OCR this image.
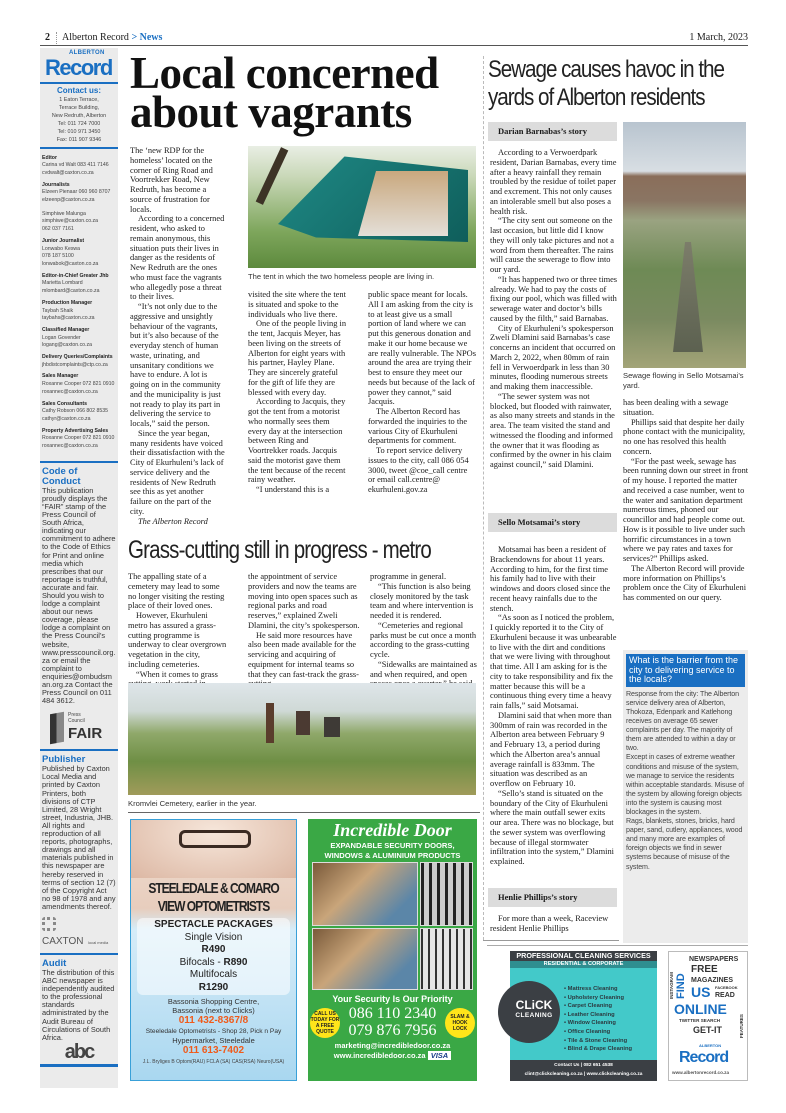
2 Alberton Record > News	1 March, 2023
ALBERTON
Record
Contact us:
1 Eaton Terrace,
Terrace Building,
New Redruth, Alberton
Tel: 011 724 7000
Tel: 010 971 3450
Fax: 011 907 9346
Editor
Carina vd Walt 083 411 7146
cvdwalt@caxton.co.za
Journalists
Elzeen Pienaar 060 960 8707
elzeenp@caxton.co.za
Simphiwe Malunga
simphiwe@caxton.co.za
062 037 7161
Junior Journalist
Lonwabo Keswa
078 187 5100
lonwabok@caxton.co.za
Editor-in-Chief Greater Jhb
Marietta Lombard
mlombard@caxton.co.za
Production Manager
Taybah Shaik
taybahs@caxton.co.za
Classified Manager
Logan Govender
logang@caxton.co.za
Delivery Queries/Complaints
jhbdistcomplaints@ctp.co.za
Sales Manager
Roxanne Cooper 072 821 0910
roxannec@caxton.co.za
Sales Consultants
Cathy Robson 066 802 8535
cathyr@caxton.co.za
Property Advertising Sales
Roxanne Cooper 072 821 0910
roxannec@caxton.co.za
Code of Conduct
This publication proudly displays the “FAIR” stamp of the Press Council of South Africa, indicating our commitment to adhere to the Code of Ethics for Print and online media which prescribes that our reportage is truthful, accurate and fair. Should you wish to lodge a complaint about our news coverage, please lodge a complaint on the Press Council’s website, www.presscouncil.org.za or email the complaint to enquiries@ombudsman.org.za Contact the Press Council on 011 484 3612.
Press Council
FAIR
Publisher
Published by Caxton Local Media and printed by Caxton Printers, both divisions of CTP Limited, 28 Wright street, Industria, JHB. All rights and reproduction of all reports, photographs, drawings and all materials published in this newspaper are hereby reserved in terms of section 12 (7) of the Copyright Act no 98 of 1978 and any amendments thereof.
CAXTON local media
Audit
The distribution of this ABC newspaper is independently audited to the professional standards administrated by the Audit Bureau of Circulations of South Africa.
abc
Local concerned about vagrants

The ‘new RDP for the homeless’ located on the corner of Ring Road and Voortrekker Road, New Redruth, has become a source of frustration for locals.

According to a concerned resident, who asked to remain anonymous, this situation puts their lives in danger as the residents of New Redruth are the ones who must face the vagrants who allegedly pose a threat to their lives.

“It’s not only due to the aggressive and unsightly behaviour of the vagrants, but it’s also because of the everyday stench of human waste, urinating, and unsanitary conditions we have to endure. A lot is going on in the community and the municipality is just not ready to play its part in delivering the service to locals,” said the person.

Since the year began, many residents have voiced their dissatisfaction with the City of Ekurhuleni’s lack of service delivery and the residents of New Redruth see this as yet another failure on the part of the city.

The Alberton Record

The tent in which the two homeless people are living in.

visited the site where the tent is situated and spoke to the individuals who live there.

One of the people living in the tent, Jacquis Meyer, has been living on the streets of Alberton for eight years with his partner, Hayley Plane. They are sincerely grateful for the gift of life they are blessed with every day.

According to Jacquis, they got the tent from a motorist who normally sees them every day at the intersection between Ring and Voortrekker roads. Jacquis said the motorist gave them the tent because of the recent rainy weather.

“I understand this is a

public space meant for locals. All I am asking from the city is to at least give us a small portion of land where we can put this generous donation and make it our home because we are really vulnerable. The NPOs around the area are trying their best to ensure they meet our needs but because of the lack of power they cannot,” said Jacquis.

The Alberton Record has forwarded the inquiries to the various City of Ekurhuleni departments for comment.

To report service delivery issues to the city, call 086 054 3000, tweet @coe_call centre or email call.centre@ ekurhuleni.gov.za

Grass-cutting still in progress - metro

The appalling state of a cemetery may lead to some no longer visiting the resting place of their loved ones.

However, Ekurhuleni metro has assured a grass-cutting programme is underway to clear overgrown vegetation in the city, including cemeteries.

“When it comes to grass

the appointment of service providers and now the teams are moving into open spaces such as regional parks and road reserves,” explained Zweli Dlamini, the city’s spokesperson.

He said more resources have also been made available for the servicing and acquiring of equipment for internal teams so that they can fast-track the grass-

programme in general.

“This function is also being closely monitored by the task team and where intervention is needed it is rendered.

“Cemeteries and regional parks must be cut once a month according to the grass-cutting cycle.

“Sidewalks are maintained as and when required, and open

Kromvlei Cemetery, earlier in the year.
Sewage causes havoc in the yards of Alberton residents
Darian Barnabas’s story

According to a Verwoerdpark resident, Darian Barnabas, every time after a heavy rainfall they remain troubled by the residue of toilet paper and excrement. This not only causes an intolerable smell but also poses a health risk.

“The city sent out someone on the last occasion, but little did I know they will only take pictures and not a word from them thereafter. The rains will cause the sewerage to flow into our yard.

“It has happened two or three times already. We had to pay the costs of fixing our pool, which was filled with sewerage water and doctor’s bills caused by the filth,” said Barnabas.

City of Ekurhuleni’s spokesperson Zweli Dlamini said Barnabas’s case concerns an incident that occurred on March 2, 2022, when 80mm of rain fell in Verwoerdpark in less than 30 minutes, flooding numerous streets and making them inaccessible.

“The sewer system was not blocked, but flooded with rainwater, as also many streets and stands in the area. The team visited the stand and witnessed the flooding and informed the owner that it was flooding as confirmed by the owner in his claim against council,” said Dlamini.

Sello Motsamai’s story

Motsamai has been a resident of Brackendowns for about 11 years. According to him, for the first time his family had to live with their windows and doors closed since the recent heavy rainfalls due to the stench.

“As soon as I noticed the problem, I quickly reported it to the City of Ekurhuleni because it was unbearable to live with the dirt and conditions that we were living with throughout that time. All I am asking for is the city to take responsibility and fix the matter because this will be a continuous thing every time a heavy rain falls,” said Motsamai.

Dlamini said that when more than 300mm of rain was recorded in the Alberton area between February 9 and February 13, a period during which the Alberton area’s annual average rainfall is 833mm. The situation was described as an overflow on February 10.

“Sello’s stand is situated on the boundary of the City of Ekurhuleni where the main outfall sewer exits our area. There was no blockage, but the sewer system was overflowing because of illegal stormwater infiltration into the system,” Dlamini explained.

Henlie Phillips’s story

For more than a week, Raceview resident Henlie Phillips

Sewage flowing in Sello Motsamai’s yard.

has been dealing with a sewage situation.

Phillips said that despite her daily phone contact with the municipality, no one has resolved this health concern.

“For the past week, sewage has been running down our street in front of my house. I reported the matter and received a case number, went to the water and sanitation department numerous times, phoned our councillor and had people come out. How is it possible to live under such horrific circumstances in a town where we pay rates and taxes for services?” Phillips asked.

The Alberton Record will provide more information on Phillips’s problem once the City of Ekurhuleni has commented on our query.

What is the barrier from the city to delivering service to the locals?
Response from the city: The Alberton service delivery area of Alberton, Thokoza, Edenpark and Katlehong receives on average 65 sewer complaints per day. The majority of them are attended to within a day or two.
Except in cases of extreme weather conditions and misuse of the system, we manage to service the residents within acceptable standards. Misuse of the system by allowing foreign objects into the system is causing most blockages in the system.
Rags, blankets, stones, bricks, hard paper, sand, cutlery, appliances, wood and many more are examples of foreign objects we find in sewer systems because of misuse of the system.
STEELEDALE & COMARO
VIEW OPTOMETRISTS
SPECTACLE PACKAGES
Single Vision
R490
Bifocals - R890
Multifocals
R1290
Bassonia Shopping Centre,
Bassonia (next to Clicks)
011 432-8367/8
Steeledale Optometrists - Shop 28, Pick n Pay
Hypermarket, Steeledale
011 613-7402
J.L. Bryliges B Optom(RAU) FCLA (SA) CAS(RSA) Neuro(USA)
Incredible Door
EXPANDABLE SECURITY DOORS,
WINDOWS & ALUMINIUM PRODUCTS
Your Security Is Our Priority
CALL US TODAY FOR A FREE QUOTE
086 110 2340
079 876 7956
SLAM & HOOK LOCK
marketing@incredibledoor.co.za
www.incredibledoor.co.za VISA
PROFESSIONAL CLEANING SERVICES
RESIDENTIAL & CORPORATE
CLiCK
CLEANING
• Mattress Cleaning
• Upholstery Cleaning
• Carpet Cleaning
• Leather Cleaning
• Window Cleaning
• Office Cleaning
• Tile & Stone Cleaning
• Blind & Drape Cleaning
Contact Us | 082 651 4538
clint@clickcleaning.co.za | www.clickcleaning.co.za
NEWSPAPERS
FREE
MAGAZINES
FIND
INSTAGRAM US FACEBOOK
READ
ONLINE
TWITTER SEARCH
GET-IT	FEATURES
ALBERTON
Record
www.albertonrecord.co.za
